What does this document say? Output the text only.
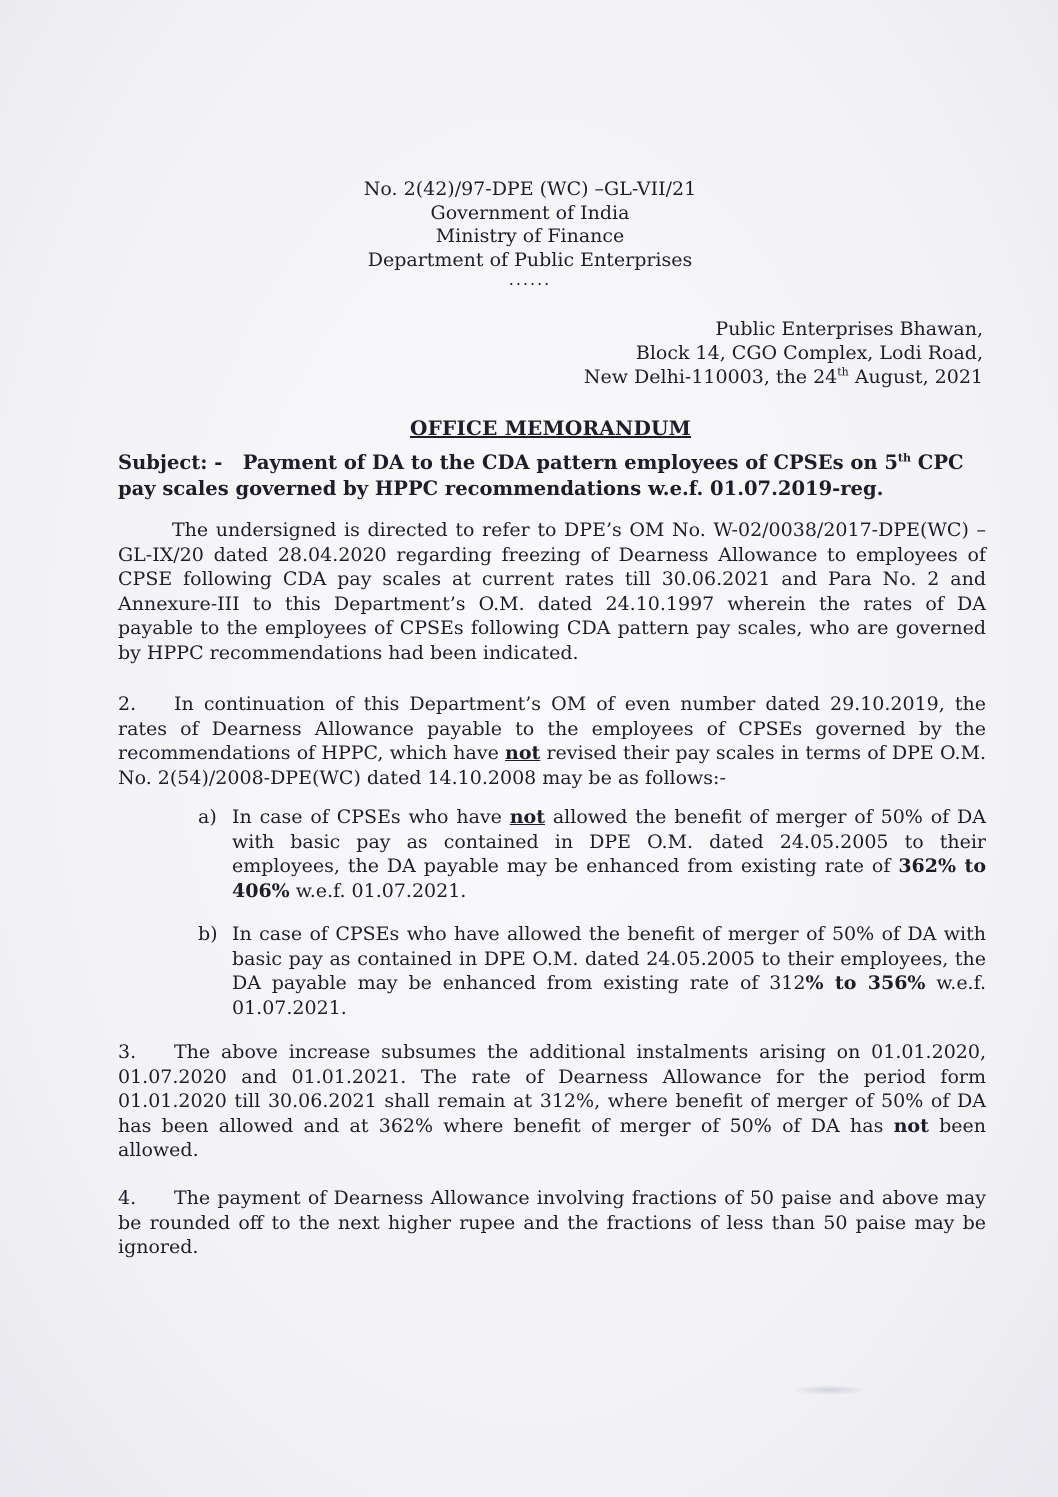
No. 2(42)/97-DPE (WC) –GL-VII/21
Government of India
Ministry of Finance
Department of Public Enterprises
......
Public Enterprises Bhawan,
Block 14, CGO Complex, Lodi Road,
New Delhi-110003, the 24th August, 2021
OFFICE MEMORANDUM
Subject: - Payment of DA to the CDA pattern employees of CPSEs on 5th CPC pay scales governed by HPPC recommendations w.e.f. 01.07.2019-reg.
The undersigned is directed to refer to DPE’s OM No. W-02/0038/2017-DPE(WC) –GL-IX/20 dated 28.04.2020 regarding freezing of Dearness Allowance to employees of CPSE following CDA pay scales at current rates till 30.06.2021 and Para No. 2 and Annexure-III to this Department’s O.M. dated 24.10.1997 wherein the rates of DA payable to the employees of CPSEs following CDA pattern pay scales, who are governed by HPPC recommendations had been indicated.
2. In continuation of this Department’s OM of even number dated 29.10.2019, the rates of Dearness Allowance payable to the employees of CPSEs governed by the recommendations of HPPC, which have not revised their pay scales in terms of DPE O.M. No. 2(54)/2008-DPE(WC) dated 14.10.2008 may be as follows:-
a) In case of CPSEs who have not allowed the benefit of merger of 50% of DA with basic pay as contained in DPE O.M. dated 24.05.2005 to their employees, the DA payable may be enhanced from existing rate of 362% to 406% w.e.f. 01.07.2021.
b) In case of CPSEs who have allowed the benefit of merger of 50% of DA with basic pay as contained in DPE O.M. dated 24.05.2005 to their employees, the DA payable may be enhanced from existing rate of 312% to 356% w.e.f. 01.07.2021.
3. The above increase subsumes the additional instalments arising on 01.01.2020, 01.07.2020 and 01.01.2021. The rate of Dearness Allowance for the period form 01.01.2020 till 30.06.2021 shall remain at 312%, where benefit of merger of 50% of DA has been allowed and at 362% where benefit of merger of 50% of DA has not been allowed.
4. The payment of Dearness Allowance involving fractions of 50 paise and above may be rounded off to the next higher rupee and the fractions of less than 50 paise may be ignored.
